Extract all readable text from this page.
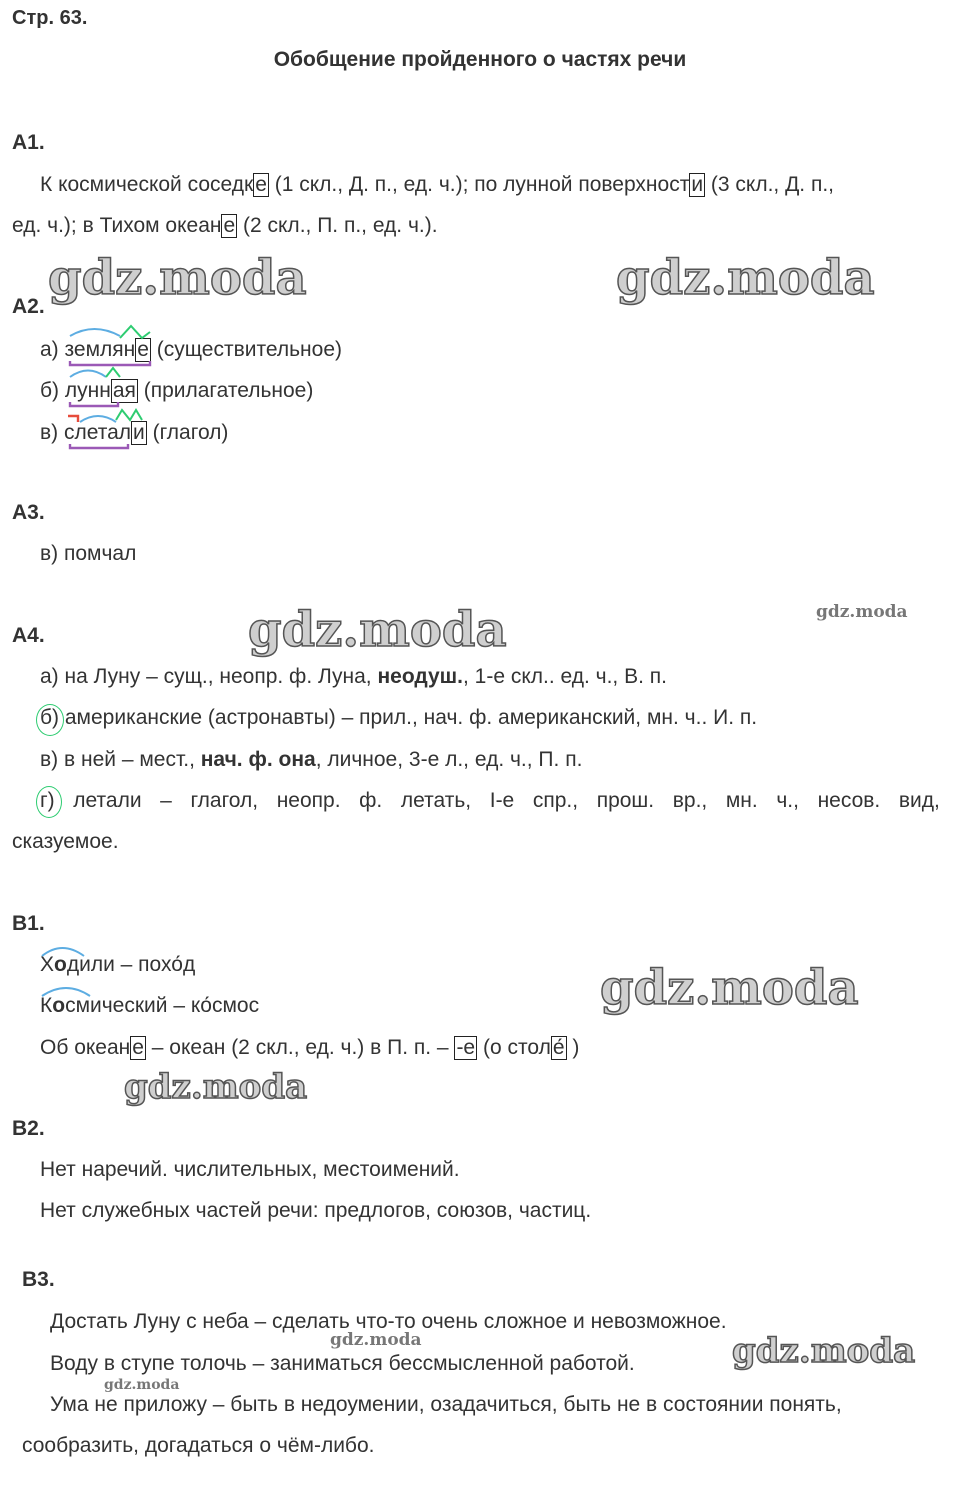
Стр. 63.
Обобщение пройденного о частях речи
gdz.moda	gdz.moda
gdz.moda	gdz.moda
gdz.moda
gdz.moda
gdz.moda	gdz.moda
gdz.moda
А1.
К космической соседке (1 скл., Д. п., ед. ч.); по лунной поверхности (3 скл., Д. п.,
ед. ч.); в Тихом океане (2 скл., П. п., ед. ч.).
А2.
а) земляне (существительное)
б) лунная (прилагательное)
в) слетали (глагол)
А3.
в) помчал
А4.
а) на Луну – сущ., неопр. ф. Луна, неодуш., 1-е скл.. ед. ч., В. п.
б) американские (астронавты) – прил., нач. ф. американский, мн. ч.. И. п.
в) в ней – мест., нач. ф. она, личное, 3-е л., ед. ч., П. п.
г) летали – глагол, неопр. ф. летать, I-е спр., прош. вр., мн. ч., несов. вид,
сказуемое.
В1.
Ходили – похо́д
Космический – ко́смос
Об океане – океан (2 скл., ед. ч.) в П. п. – -е (о столе́ )
В2.
Нет наречий. числительных, местоимений.
Нет служебных частей речи: предлогов, союзов, частиц.
В3.
Достать Луну с неба – сделать что-то очень сложное и невозможное.
Воду в ступе толочь – заниматься бессмысленной работой.
Ума не приложу – быть в недоумении, озадачиться, быть не в состоянии понять,
сообразить, догадаться о чём-либо.
